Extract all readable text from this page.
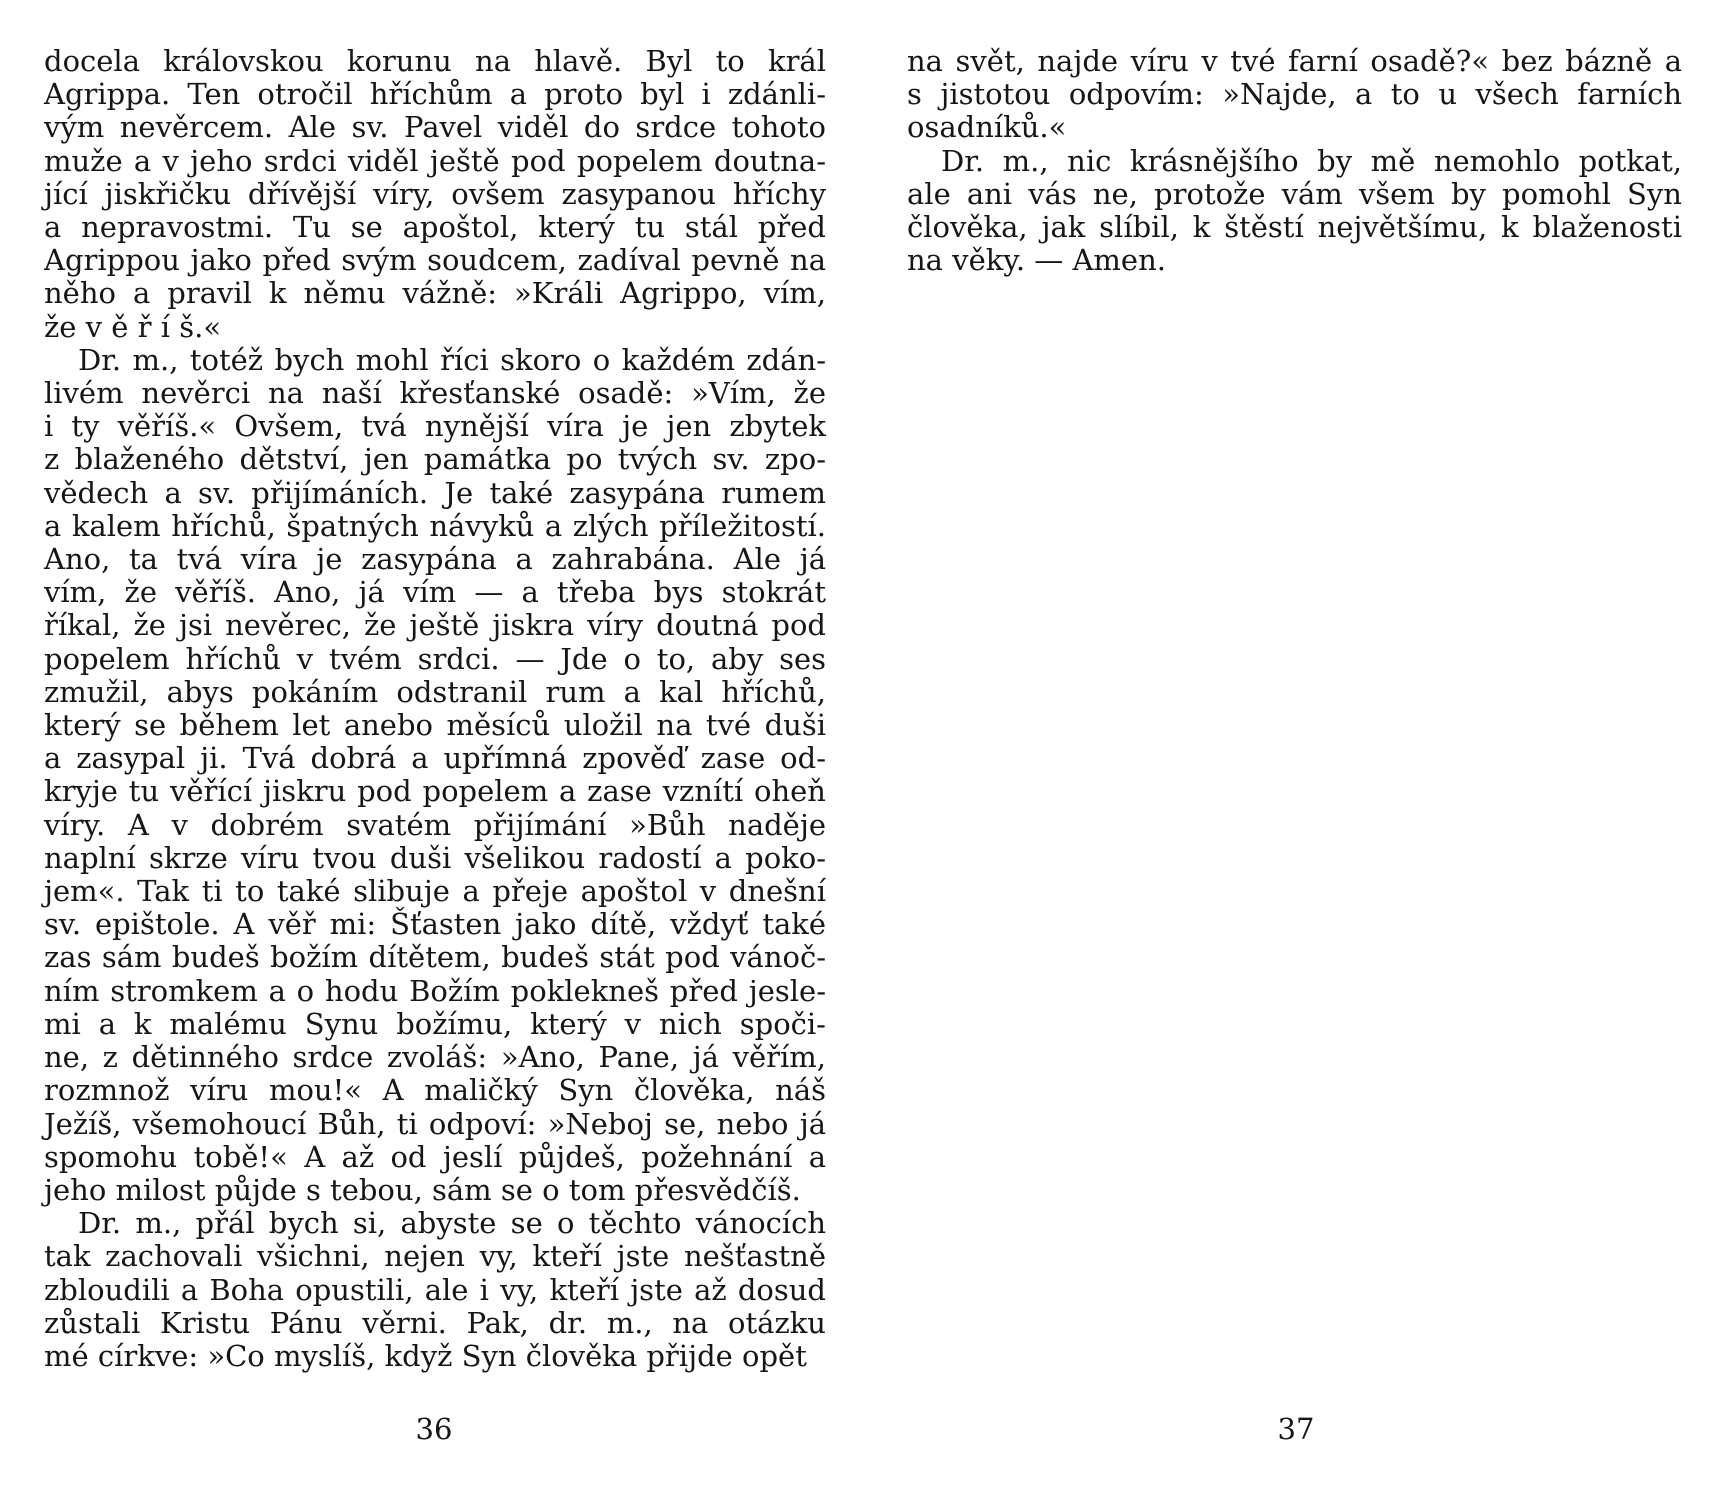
docela královskou korunu na hlavě. Byl to král
Agrippa. Ten otročil hříchům a proto byl i zdánli-
vým nevěrcem. Ale sv. Pavel viděl do srdce tohoto
muže a v jeho srdci viděl ještě pod popelem doutna-
jící jiskřičku dřívější víry, ovšem zasypanou hříchy
a nepravostmi. Tu se apoštol, který tu stál před
Agrippou jako před svým soudcem, zadíval pevně na
něho a pravil k němu vážně: »Králi Agrippo, vím,
že v ě ř í š.«

Dr. m., totéž bych mohl říci skoro o každém zdán-
livém nevěrci na naší křesťanské osadě: »Vím, že
i ty věříš.« Ovšem, tvá nynější víra je jen zbytek
z blaženého dětství, jen památka po tvých sv. zpo-
vědech a sv. přijímáních. Je také zasypána rumem
a kalem hříchů, špatných návyků a zlých příležitostí.
Ano, ta tvá víra je zasypána a zahrabána. Ale já
vím, že věříš. Ano, já vím — a třeba bys stokrát
říkal, že jsi nevěrec, že ještě jiskra víry doutná pod
popelem hříchů v tvém srdci. — Jde o to, aby ses
zmužil, abys pokáním odstranil rum a kal hříchů,
který se během let anebo měsíců uložil na tvé duši
a zasypal ji. Tvá dobrá a upřímná zpověď zase od-
kryje tu věřící jiskru pod popelem a zase vznítí oheň
víry. A v dobrém svatém přijímání »Bůh naděje
naplní skrze víru tvou duši všelikou radostí a poko-
jem«. Tak ti to také slibuje a přeje apoštol v dnešní
sv. epištole. A věř mi: Šťasten jako dítě, vždyť také
zas sám budeš božím dítětem, budeš stát pod vánoč-
ním stromkem a o hodu Božím poklekneš před jesle-
mi a k malému Synu božímu, který v nich spoči-
ne, z dětinného srdce zvoláš: »Ano, Pane, já věřím,
rozmnož víru mou!« A maličký Syn člověka, náš
Ježíš, všemohoucí Bůh, ti odpoví: »Neboj se, nebo já
spomohu tobě!« A až od jeslí půjdeš, požehnání a
jeho milost půjde s tebou, sám se o tom přesvědčíš.

Dr. m., přál bych si, abyste se o těchto vánocích
tak zachovali všichni, nejen vy, kteří jste nešťastně
zbloudili a Boha opustili, ale i vy, kteří jste až dosud
zůstali Kristu Pánu věrni. Pak, dr. m., na otázku
mé církve: »Co myslíš, když Syn člověka přijde opět

36

na svět, najde víru v tvé farní osadě?« bez bázně a
s jistotou odpovím: »Najde, a to u všech farních
osadníků.«

Dr. m., nic krásnějšího by mě nemohlo potkat,
ale ani vás ne, protože vám všem by pomohl Syn
člověka, jak slíbil, k štěstí největšímu, k blaženosti
na věky. — Amen.

37
